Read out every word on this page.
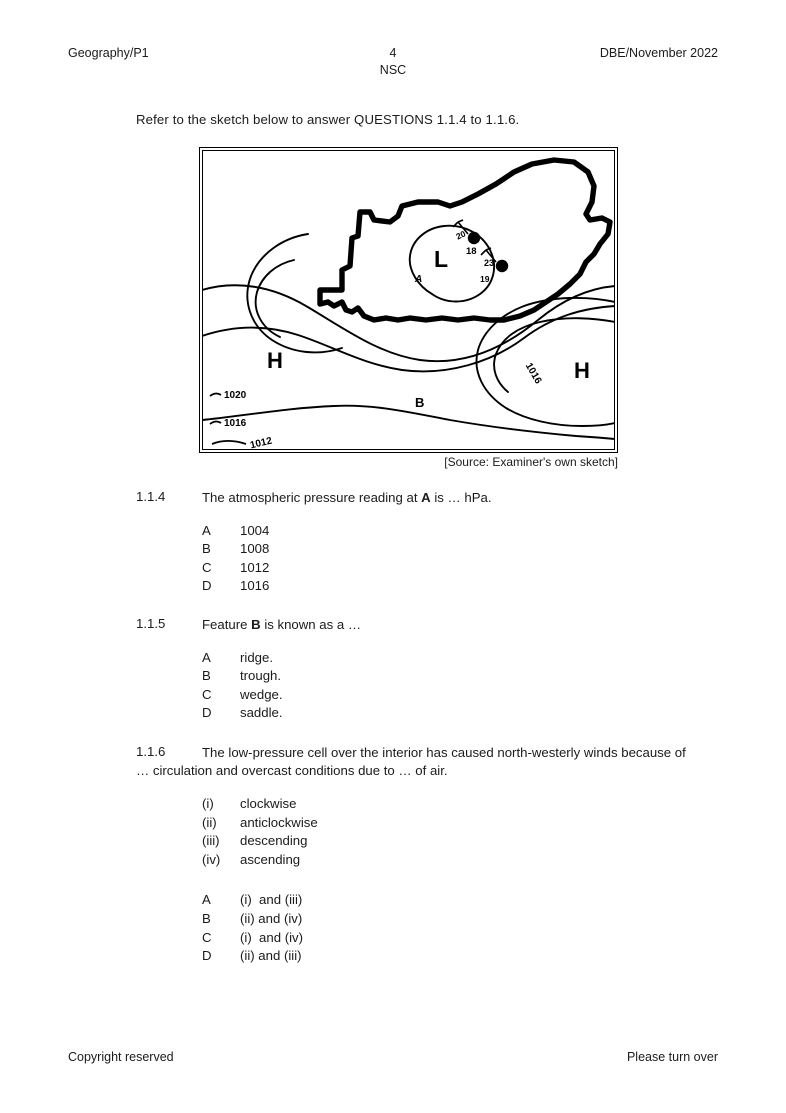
Geography/P1	4
NSC
DBE/November 2022
Refer to the sketch below to answer QUESTIONS 1.1.4 to 1.1.6.
L
A
18
20
23
19
H	H
B
1020
1016
1012
1016
[Source: Examiner's own sketch]
1.1.4	The atmospheric pressure reading at A is … hPa.
A	1004
B	1008
C	1012
D	1016
1.1.5	Feature B is known as a …
A	ridge.
B	trough.
C	wedge.
D	saddle.
1.1.6	The low-pressure cell over the interior has caused north-westerly winds because of … circulation and overcast conditions due to … of air.
(i)	clockwise
(ii)	anticlockwise
(iii)	descending
(iv)	ascending
A	(i)  and (iii)
B	(ii) and (iv)
C	(i)  and (iv)
D	(ii) and (iii)
Copyright reserved	Please turn over
